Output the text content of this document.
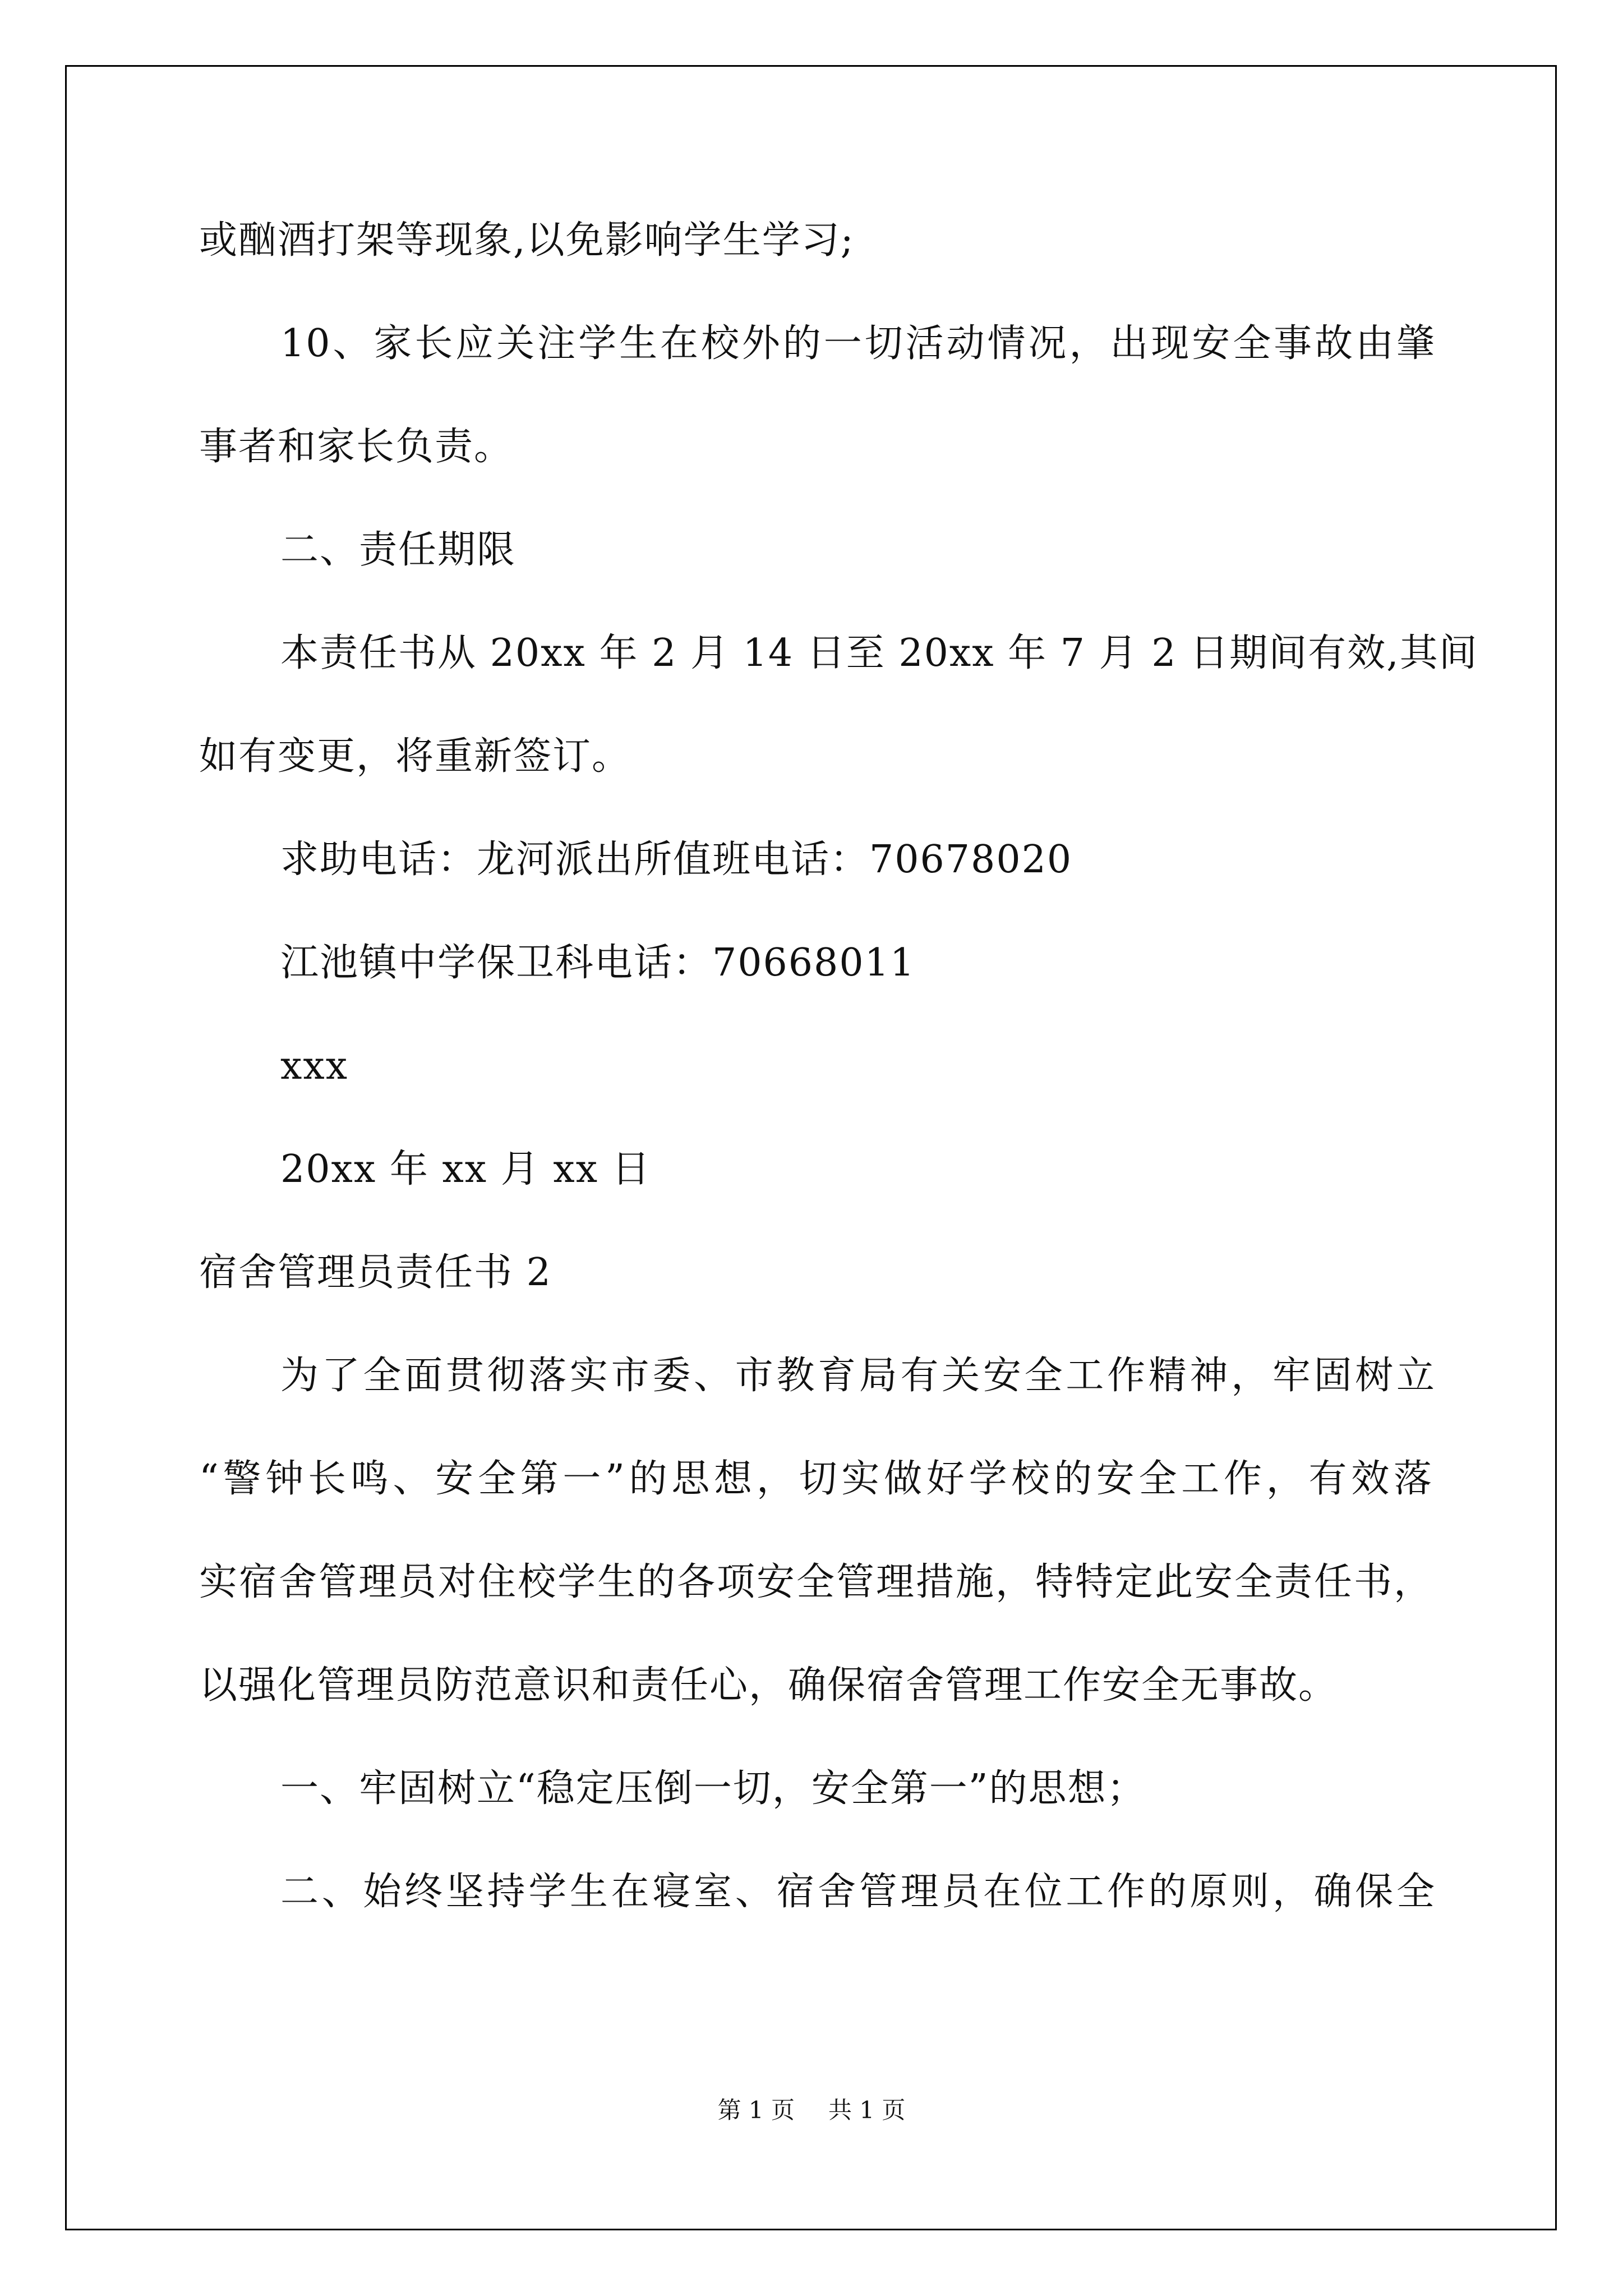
或酗酒打架等现象,以免影响学生学习;
10、家长应关注学生在校外的一切活动情况，出现安全事故由肇
事者和家长负责。
二、责任期限
本责任书从 20xx 年 2 月 14 日至 20xx 年 7 月 2 日期间有效,其间
如有变更，将重新签订。
求助电话：龙河派出所值班电话：70678020
江池镇中学保卫科电话：70668011
xxx
20xx 年 xx 月 xx 日
宿舍管理员责任书 2
为了全面贯彻落实市委、市教育局有关安全工作精神，牢固树立
“警钟长鸣、安全第一”的思想，切实做好学校的安全工作，有效落
实宿舍管理员对住校学生的各项安全管理措施，特特定此安全责任书，
以强化管理员防范意识和责任心，确保宿舍管理工作安全无事故。
一、牢固树立“稳定压倒一切，安全第一”的思想；
二、始终坚持学生在寝室、宿舍管理员在位工作的原则，确保全
第 1 页 共 1 页
